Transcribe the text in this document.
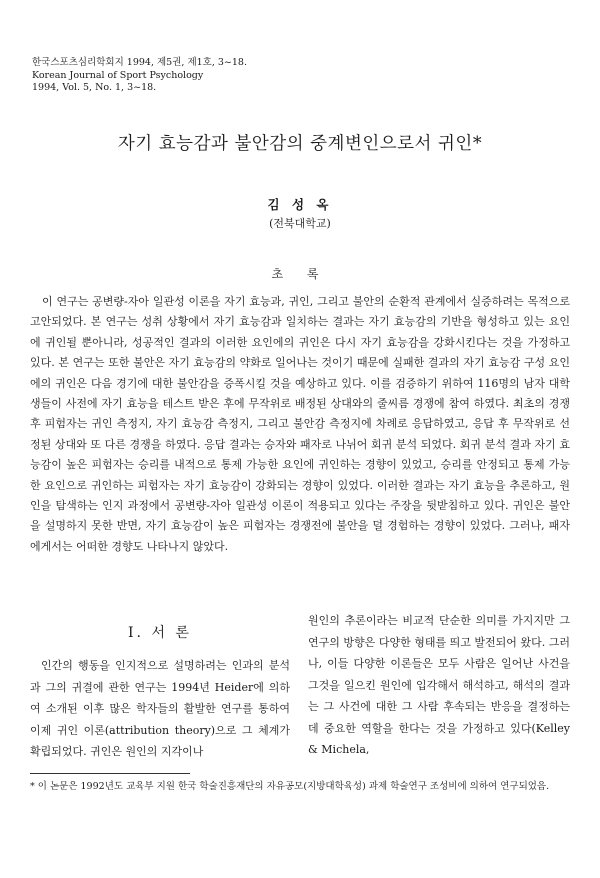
한국스포츠심리학회지 1994, 제5권, 제1호, 3~18.
Korean Journal of Sport Psychology
1994, Vol. 5, No. 1, 3~18.
자기 효능감과 불안감의 중계변인으로서 귀인*
김 성 옥
(전북대학교)
초 록

이 연구는 공변량-자아 일관성 이론을 자기 효능과, 귀인, 그리고 불안의 순환적 관계에서 실증하려는 목적으로 고안되었다. 본 연구는 성취 상황에서 자기 효능감과 일치하는 결과는 자기 효능감의 기반을 형성하고 있는 요인에 귀인될 뿐아니라, 성공적인 결과의 이러한 요인에의 귀인은 다시 자기 효능감을 강화시킨다는 것을 가정하고 있다. 본 연구는 또한 불안은 자기 효능감의 약화로 일어나는 것이기 때문에 실패한 결과의 자기 효능감 구성 요인에의 귀인은 다음 경기에 대한 불안감을 증폭시킬 것을 예상하고 있다. 이를 검증하기 위하여 116명의 남자 대학생들이 사전에 자기 효능을 테스트 받은 후에 무작위로 배정된 상대와의 줄씨름 경쟁에 참여 하였다. 최초의 경쟁 후 피험자는 귀인 측정지, 자기 효능감 측정지, 그리고 불안감 측정지에 차례로 응답하였고, 응답 후 무작위로 선정된 상대와 또 다른 경쟁을 하였다. 응답 결과는 승자와 패자로 나뉘어 회귀 분석 되었다. 회귀 분석 결과 자기 효능감이 높은 피험자는 승리를 내적으로 통제 가능한 요인에 귀인하는 경향이 있었고, 승리를 안정되고 통제 가능한 요인으로 귀인하는 피험자는 자기 효능감이 강화되는 경향이 있었다. 이러한 결과는 자기 효능을 추론하고, 원인을 탐색하는 인지 과정에서 공변량-자아 일관성 이론이 적용되고 있다는 주장을 뒷받침하고 있다. 귀인은 불안을 설명하지 못한 반면, 자기 효능감이 높은 피험자는 경쟁전에 불안을 덜 경험하는 경향이 있었다. 그러나, 패자에게서는 어떠한 경향도 나타나지 않았다.

Ⅰ. 서 론

인간의 행동을 인지적으로 설명하려는 인과의 분석과 그의 귀결에 관한 연구는 1994년 Heider에 의하여 소개된 이후 많은 학자들의 활발한 연구를 통하여 이제 귀인 이론(attribution theory)으로 그 체계가 확립되었다. 귀인은 원인의 지각이나

원인의 추론이라는 비교적 단순한 의미를 가지지만 그 연구의 방향은 다양한 형태를 띄고 발전되어 왔다. 그러나, 이들 다양한 이론들은 모두 사람은 일어난 사건을 그것을 일으킨 원인에 입각해서 해석하고, 해석의 결과는 그 사건에 대한 그 사람 후속되는 반응을 결정하는 데 중요한 역할을 한다는 것을 가정하고 있다(Kelley & Michela,

* 이 논문은 1992년도 교육부 지원 한국 학술진흥재단의 자유공모(지방대학육성) 과제 학술연구 조성비에 의하여 연구되었음.
